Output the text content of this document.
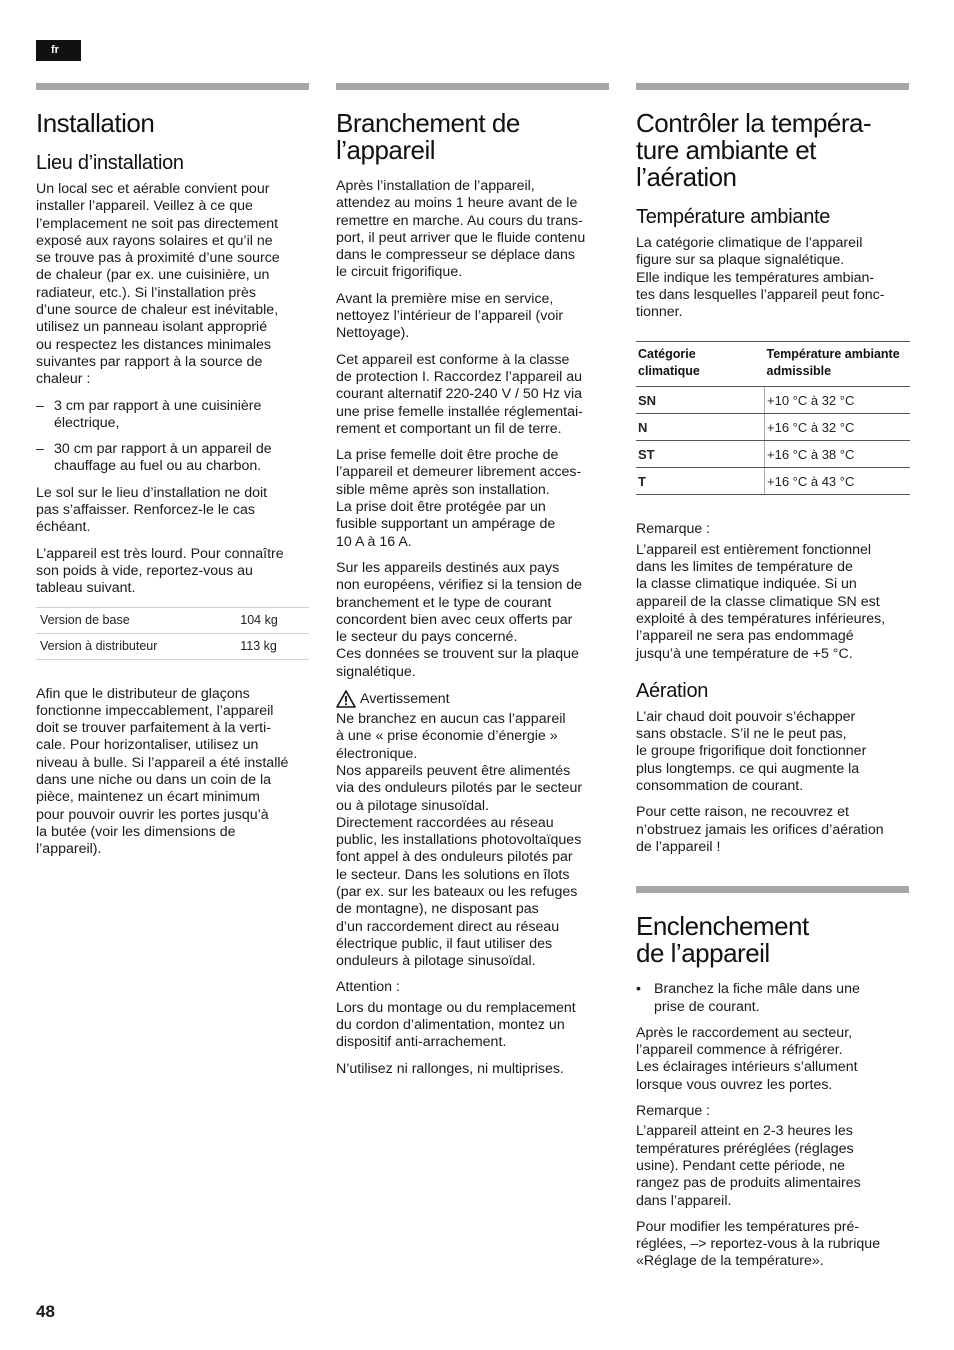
fr
Installation
Lieu d’installation

Un local sec et aérable convient pour
installer l’appareil. Veillez à ce que
l’emplacement ne soit pas directement
exposé aux rayons solaires et qu’il ne
se trouve pas à proximité d’une source
de chaleur (par ex. une cuisinière, un
radiateur, etc.). Si l’installation près
d’une source de chaleur est inévitable,
utilisez un panneau isolant approprié
ou respectez les distances minimales
suivantes par rapport à la source de
chaleur :

– 3 cm par rapport à une cuisinière
électrique,
– 30 cm par rapport à un appareil de
chauffage au fuel ou au charbon.

Le sol sur le lieu d’installation ne doit
pas s’affaisser. Renforcez-le le cas
échéant.

L’appareil est très lourd. Pour connaître
son poids à vide, reportez-vous au
tableau suivant.

Version de base	104 kg
Version à distributeur	113 kg

Afin que le distributeur de glaçons
fonctionne impeccablement, l’appareil
doit se trouver parfaitement à la verti-
cale. Pour horizontaliser, utilisez un
niveau à bulle. Si l’appareil a été installé
dans une niche ou dans un coin de la
pièce, maintenez un écart minimum
pour pouvoir ouvrir les portes jusqu’à
la butée (voir les dimensions de
l’appareil).

Branchement de
l’appareil

Après l’installation de l’appareil,
attendez au moins 1 heure avant de le
remettre en marche. Au cours du trans-
port, il peut arriver que le fluide contenu
dans le compresseur se déplace dans
le circuit frigorifique.

Avant la première mise en service,
nettoyez l’intérieur de l’appareil (voir
Nettoyage).

Cet appareil est conforme à la classe
de protection I. Raccordez l’appareil au
courant alternatif 220-240 V / 50 Hz via
une prise femelle installée réglementai-
rement et comportant un fil de terre.

La prise femelle doit être proche de
l’appareil et demeurer librement acces-
sible même après son installation.
La prise doit être protégée par un
fusible supportant un ampérage de
10 A à 16 A.

Sur les appareils destinés aux pays
non européens, vérifiez si la tension de
branchement et le type de courant
concordent bien avec ceux offerts par
le secteur du pays concerné.
Ces données se trouvent sur la plaque
signalétique.

Avertissement

Ne branchez en aucun cas l’appareil
à une « prise économie d’énergie »
électronique.
Nos appareils peuvent être alimentés
via des onduleurs pilotés par le secteur
ou à pilotage sinusoïdal.
Directement raccordées au réseau
public, les installations photovoltaïques
font appel à des onduleurs pilotés par
le secteur. Dans les solutions en îlots
(par ex. sur les bateaux ou les refuges
de montagne), ne disposant pas
d’un raccordement direct au réseau
électrique public, il faut utiliser des
onduleurs à pilotage sinusoïdal.

Attention :

Lors du montage ou du remplacement
du cordon d’alimentation, montez un
dispositif anti-arrachement.

N’utilisez ni rallonges, ni multiprises.

Contrôler la tempéra-
ture ambiante et
l’aération
Température ambiante

La catégorie climatique de l’appareil
figure sur sa plaque signalétique.
Elle indique les températures ambian-
tes dans lesquelles l’appareil peut fonc-
tionner.

Catégorie
climatique	Température ambiante
admissible
SN	+10 °C à 32 °C
N	+16 °C à 32 °C
ST	+16 °C à 38 °C
T	+16 °C à 43 °C

Remarque :

L’appareil est entièrement fonctionnel
dans les limites de température de
la classe climatique indiquée. Si un
appareil de la classe climatique SN est
exploité à des températures inférieures,
l’appareil ne sera pas endommagé
jusqu’à une température de +5 °C.

Aération

L’air chaud doit pouvoir s’échapper
sans obstacle. S’il ne le peut pas,
le groupe frigorifique doit fonctionner
plus longtemps. ce qui augmente la
consommation de courant.

Pour cette raison, ne recouvrez et
n’obstruez jamais les orifices d’aération
de l’appareil !

Enclenchement
de l’appareil
• Branchez la fiche mâle dans une
prise de courant.

Après le raccordement au secteur,
l’appareil commence à réfrigérer.
Les éclairages intérieurs s’allument
lorsque vous ouvrez les portes.

Remarque :

L’appareil atteint en 2-3 heures les
températures préréglées (réglages
usine). Pendant cette période, ne
rangez pas de produits alimentaires
dans l’appareil.

Pour modifier les températures pré-
réglées, –> reportez-vous à la rubrique
«Réglage de la température».

48
